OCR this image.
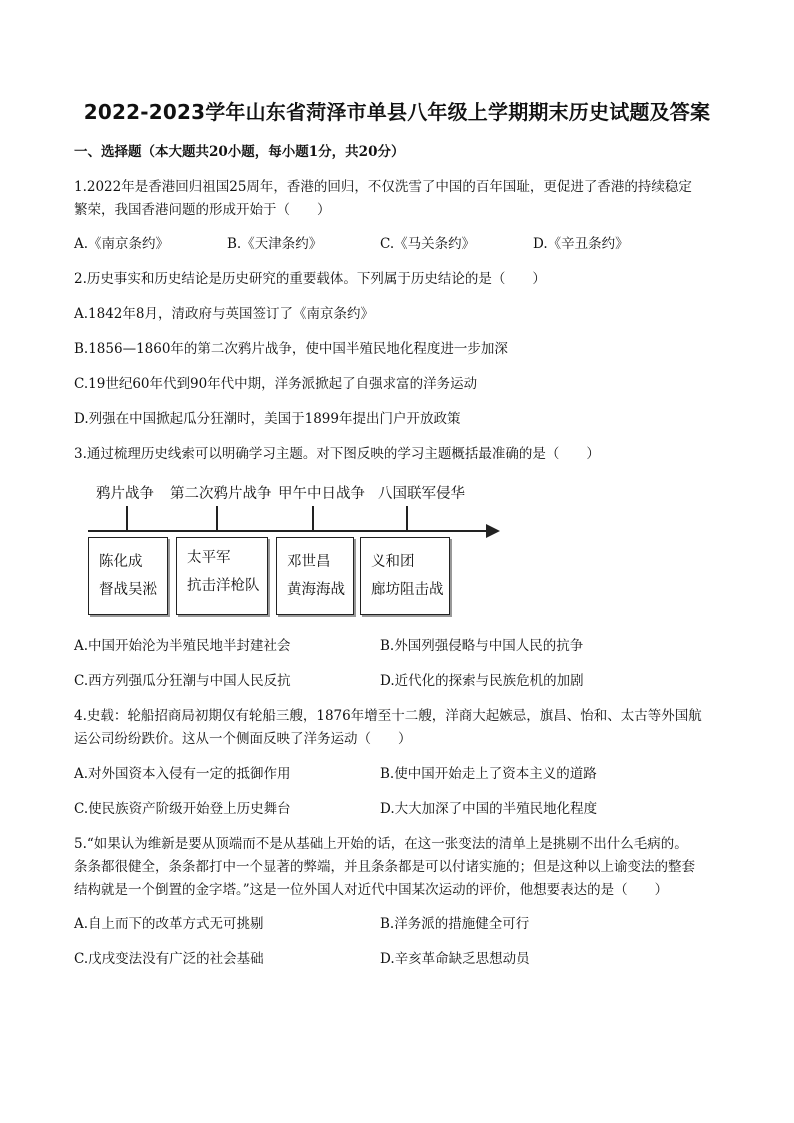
2022-2023学年山东省菏泽市单县八年级上学期期末历史试题及答案
一、选择题（本大题共20小题，每小题1分，共20分）
1.2022年是香港回归祖国25周年，香港的回归，不仅洗雪了中国的百年国耻，更促进了香港的持续稳定
繁荣，我国香港问题的形成开始于（　　）
A.《南京条约》	B.《天津条约》	C.《马关条约》	D.《辛丑条约》
2.历史事实和历史结论是历史研究的重要载体。下列属于历史结论的是（　　）
A.1842年8月，清政府与英国签订了《南京条约》
B.1856—1860年的第二次鸦片战争，使中国半殖民地化程度进一步加深
C.19世纪60年代到90年代中期，洋务派掀起了自强求富的洋务运动
D.列强在中国掀起瓜分狂潮时，美国于1899年提出门户开放政策
3.通过梳理历史线索可以明确学习主题。对下图反映的学习主题概括最准确的是（　　）
鸦片战争 第二次鸦片战争 甲午中日战争 八国联军侵华
陈化成
督战吴淞
太平军
抗击洋枪队
邓世昌
黄海海战
义和团
廊坊阻击战
A.中国开始沦为半殖民地半封建社会	B.外国列强侵略与中国人民的抗争
C.西方列强瓜分狂潮与中国人民反抗	D.近代化的探索与民族危机的加剧
4.史载：轮船招商局初期仅有轮船三艘，1876年增至十二艘，洋商大起嫉忌，旗昌、怡和、太古等外国航
运公司纷纷跌价。这从一个侧面反映了洋务运动（　　）
A.对外国资本入侵有一定的抵御作用	B.使中国开始走上了资本主义的道路
C.使民族资产阶级开始登上历史舞台	D.大大加深了中国的半殖民地化程度
5.“如果认为维新是要从顶端而不是从基础上开始的话，在这一张变法的清单上是挑剔不出什么毛病的。
条条都很健全，条条都打中一个显著的弊端，并且条条都是可以付诸实施的；但是这种以上谕变法的整套
结构就是一个倒置的金字塔。”这是一位外国人对近代中国某次运动的评价，他想要表达的是（　　）
A.自上而下的改革方式无可挑剔	B.洋务派的措施健全可行
C.戊戌变法没有广泛的社会基础	D.辛亥革命缺乏思想动员
